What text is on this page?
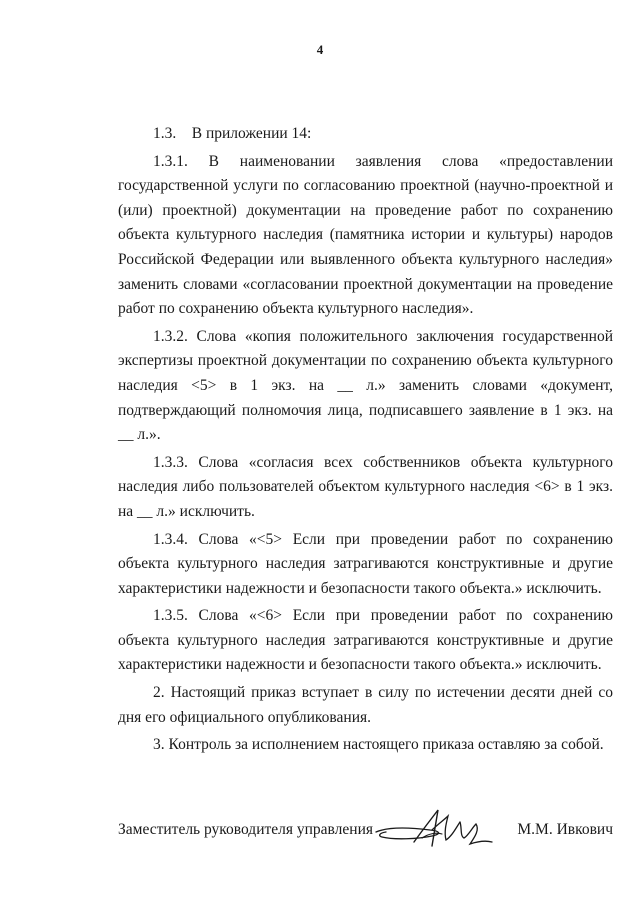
4

1.3. В приложении 14:

1.3.1. В наименовании заявления слова «предоставлении государственной услуги по согласованию проектной (научно-проектной и (или) проектной) документации на проведение работ по сохранению объекта культурного наследия (памятника истории и культуры) народов Российской Федерации или выявленного объекта культурного наследия» заменить словами «согласовании проектной документации на проведение работ по сохранению объекта культурного наследия».

1.3.2. Слова «копия положительного заключения государственной экспертизы проектной документации по сохранению объекта культурного наследия <5> в 1 экз. на __ л.» заменить словами «документ, подтверждающий полномочия лица, подписавшего заявление в 1 экз. на __ л.».

1.3.3. Слова «согласия всех собственников объекта культурного наследия либо пользователей объектом культурного наследия <6> в 1 экз. на __ л.» исключить.

1.3.4. Слова «<5> Если при проведении работ по сохранению объекта культурного наследия затрагиваются конструктивные и другие характеристики надежности и безопасности такого объекта.» исключить.

1.3.5. Слова «<6> Если при проведении работ по сохранению объекта культурного наследия затрагиваются конструктивные и другие характеристики надежности и безопасности такого объекта.» исключить.

2. Настоящий приказ вступает в силу по истечении десяти дней со дня его официального опубликования.

3. Контроль за исполнением настоящего приказа оставляю за собой.

Заместитель руководителя управления	М.М. Ивкович
